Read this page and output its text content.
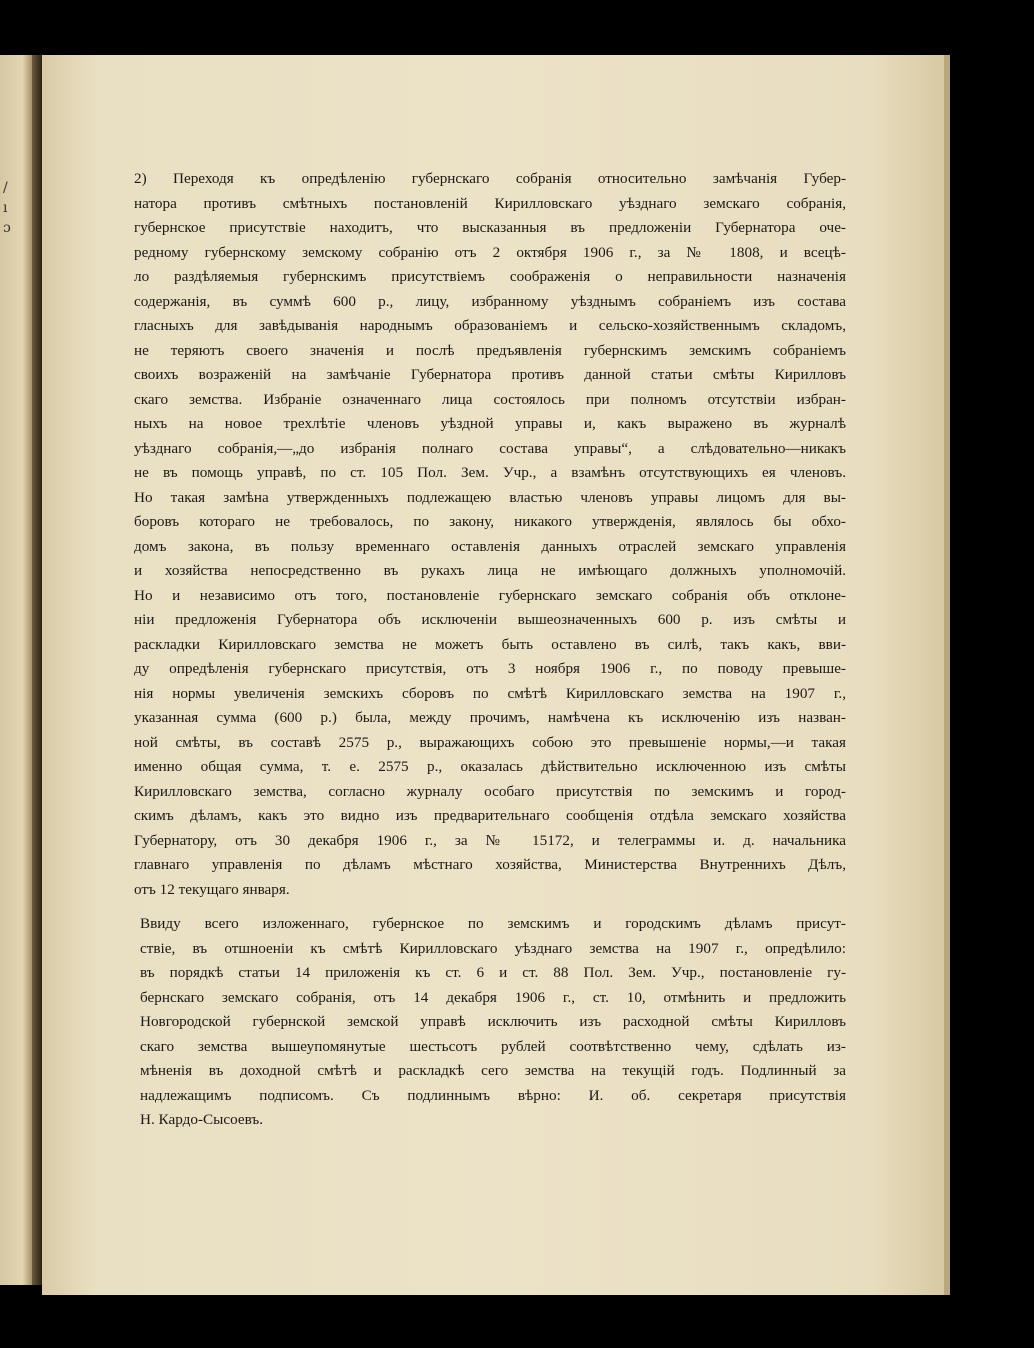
/
ı
ɔ

2) Переходя къ опредѣленію губернскаго собранія относительно замѣчанія Губер-
натора противъ смѣтныхъ постановленій Кирилловскаго уѣзднаго земскаго собранія,
губернское присутствіе находитъ, что высказанныя въ предложеніи Губернатора оче-
редному губернскому земскому собранію отъ 2 октября 1906 г., за № 1808, и всецѣ-
ло раздѣляемыя губернскимъ присутствіемъ соображенія о неправильности назначенія
содержанія, въ суммѣ 600 р., лицу, избранному уѣзднымъ собраніемъ изъ состава
гласныхъ для завѣдыванія народнымъ образованіемъ и сельско-хозяйственнымъ складомъ,
не теряютъ своего значенія и послѣ предъявленія губернскимъ земскимъ собраніемъ
своихъ возраженій на замѣчаніе Губернатора противъ данной статьи смѣты Кирилловъ
скаго земства. Избраніе означеннаго лица состоялось при полномъ отсутствіи избран-
ныхъ на новое трехлѣтіе членовъ уѣздной управы и, какъ выражено въ журналѣ
уѣзднаго собранія,—„до избранія полнаго состава управы“, а слѣдовательно—никакъ
не въ помощь управѣ, по ст. 105 Пол. Зем. Учр., а взамѣнъ отсутствующихъ ея членовъ.
Но такая замѣна утвержденныхъ подлежащею властью членовъ управы лицомъ для вы-
боровъ котораго не требовалось, по закону, никакого утвержденія, являлось бы обхо-
домъ закона, въ пользу временнаго оставленія данныхъ отраслей земскаго управленія
и хозяйства непосредственно въ рукахъ лица не имѣющаго должныхъ уполномочій.
Но и независимо отъ того, постановленіе губернскаго земскаго собранія объ отклоне-
ніи предложенія Губернатора объ исключеніи вышеозначенныхъ 600 р. изъ смѣты и
раскладки Кирилловскаго земства не можетъ быть оставлено въ силѣ, такъ какъ, вви-
ду опредѣленія губернскаго присутствія, отъ 3 ноября 1906 г., по поводу превыше-
нія нормы увеличенія земскихъ сборовъ по смѣтѣ Кирилловскаго земства на 1907 г.,
указанная сумма (600 р.) была, между прочимъ, намѣчена къ исключенію изъ назван-
ной смѣты, въ составѣ 2575 р., выражающихъ собою это превышеніе нормы,—и такая
именно общая сумма, т. е. 2575 р., оказалась дѣйствительно исключенною изъ смѣты
Кирилловскаго земства, согласно журналу особаго присутствія по земскимъ и город-
скимъ дѣламъ, какъ это видно изъ предварительнаго сообщенія отдѣла земскаго хозяйства
Губернатору, отъ 30 декабря 1906 г., за № 15172, и телеграммы и. д. начальника
главнаго управленія по дѣламъ мѣстнаго хозяйства, Министерства Внутреннихъ Дѣлъ,
отъ 12 текущаго января.

Ввиду всего изложеннаго, губернское по земскимъ и городскимъ дѣламъ присут-
ствіе, въ отшноеніи къ смѣтѣ Кирилловскаго уѣзднаго земства на 1907 г., опредѣлило:
въ порядкѣ статьи 14 приложенія къ ст. 6 и ст. 88 Пол. Зем. Учр., постановленіе гу-
бернскаго земскаго собранія, отъ 14 декабря 1906 г., ст. 10, отмѣнить и предложить
Новгородской губернской земской управѣ исключить изъ расходной смѣты Кирилловъ
скаго земства вышеупомянутые шестьсотъ рублей соотвѣтственно чему, сдѣлать из-
мѣненія въ доходной смѣтѣ и раскладкѣ сего земства на текущій годъ. Подлинный за
надлежащимъ подписомъ. Съ подлиннымъ вѣрно: И. об. секретаря присутствія
Н. Кардо-Сысоевъ.
